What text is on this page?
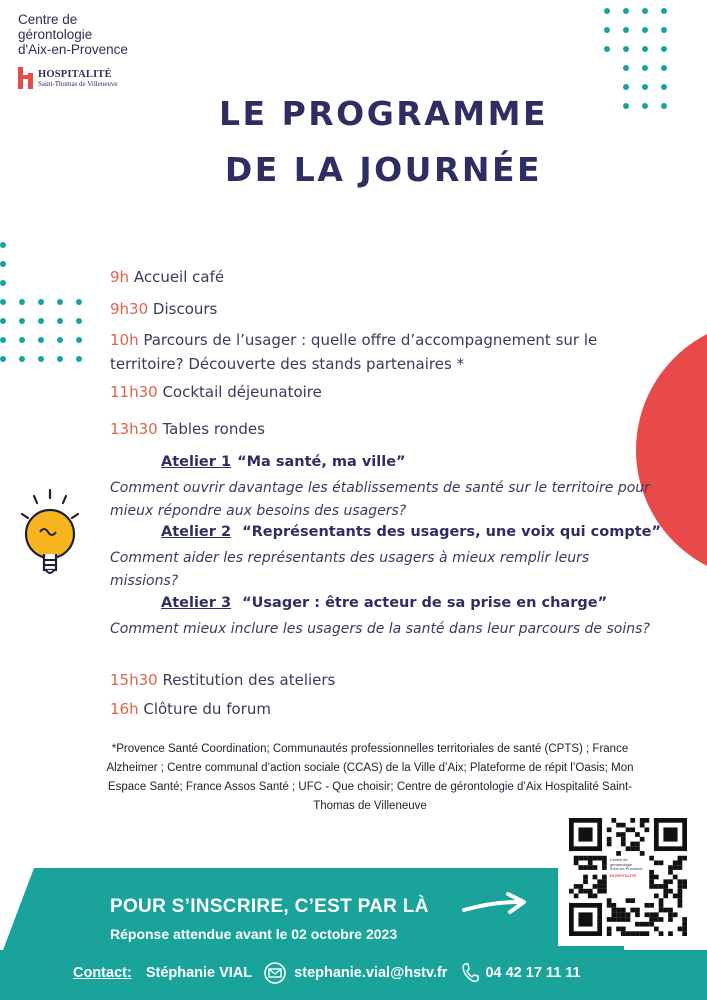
Centre de
gérontologie
d'Aix-en-Provence
HOSPITALITÉ
Saint-Thomas de Villeneuve
LE PROGRAMME
DE LA JOURNÉE
9h Accueil café
9h30 Discours
10h Parcours de l’usager : quelle offre d’accompagnement sur le territoire? Découverte des stands partenaires *
11h30 Cocktail déjeunatoire
13h30 Tables rondes
Atelier 1 “Ma santé, ma ville”
Comment ouvrir davantage les établissements de santé sur le territoire pour mieux répondre aux besoins des usagers?
Atelier 2 “Représentants des usagers, une voix qui compte”
Comment aider les représentants des usagers à mieux remplir leurs missions?
Atelier 3 “Usager : être acteur de sa prise en charge”
Comment mieux inclure les usagers de la santé dans leur parcours de soins?
15h30 Restitution des ateliers
16h Clôture du forum
*Provence Santé Coordination; Communautés professionnelles territoriales de santé (CPTS) ; France Alzheimer ; Centre communal d’action sociale (CCAS) de la Ville d’Aix; Plateforme de répit l’Oasis; Mon Espace Santé; France Assos Santé ; UFC - Que choisir; Centre de gérontologie d’Aix Hospitalité Saint-Thomas de Villeneuve
POUR S’INSCRIRE, C’EST PAR LÀ
Réponse attendue avant le 02 octobre 2023
Centre de
gérontologie
d'Aix-en-Provence
HOSPITALITÉ
Contact: Stéphanie VIAL	stephanie.vial@hstv.fr	04 42 17 11 11
